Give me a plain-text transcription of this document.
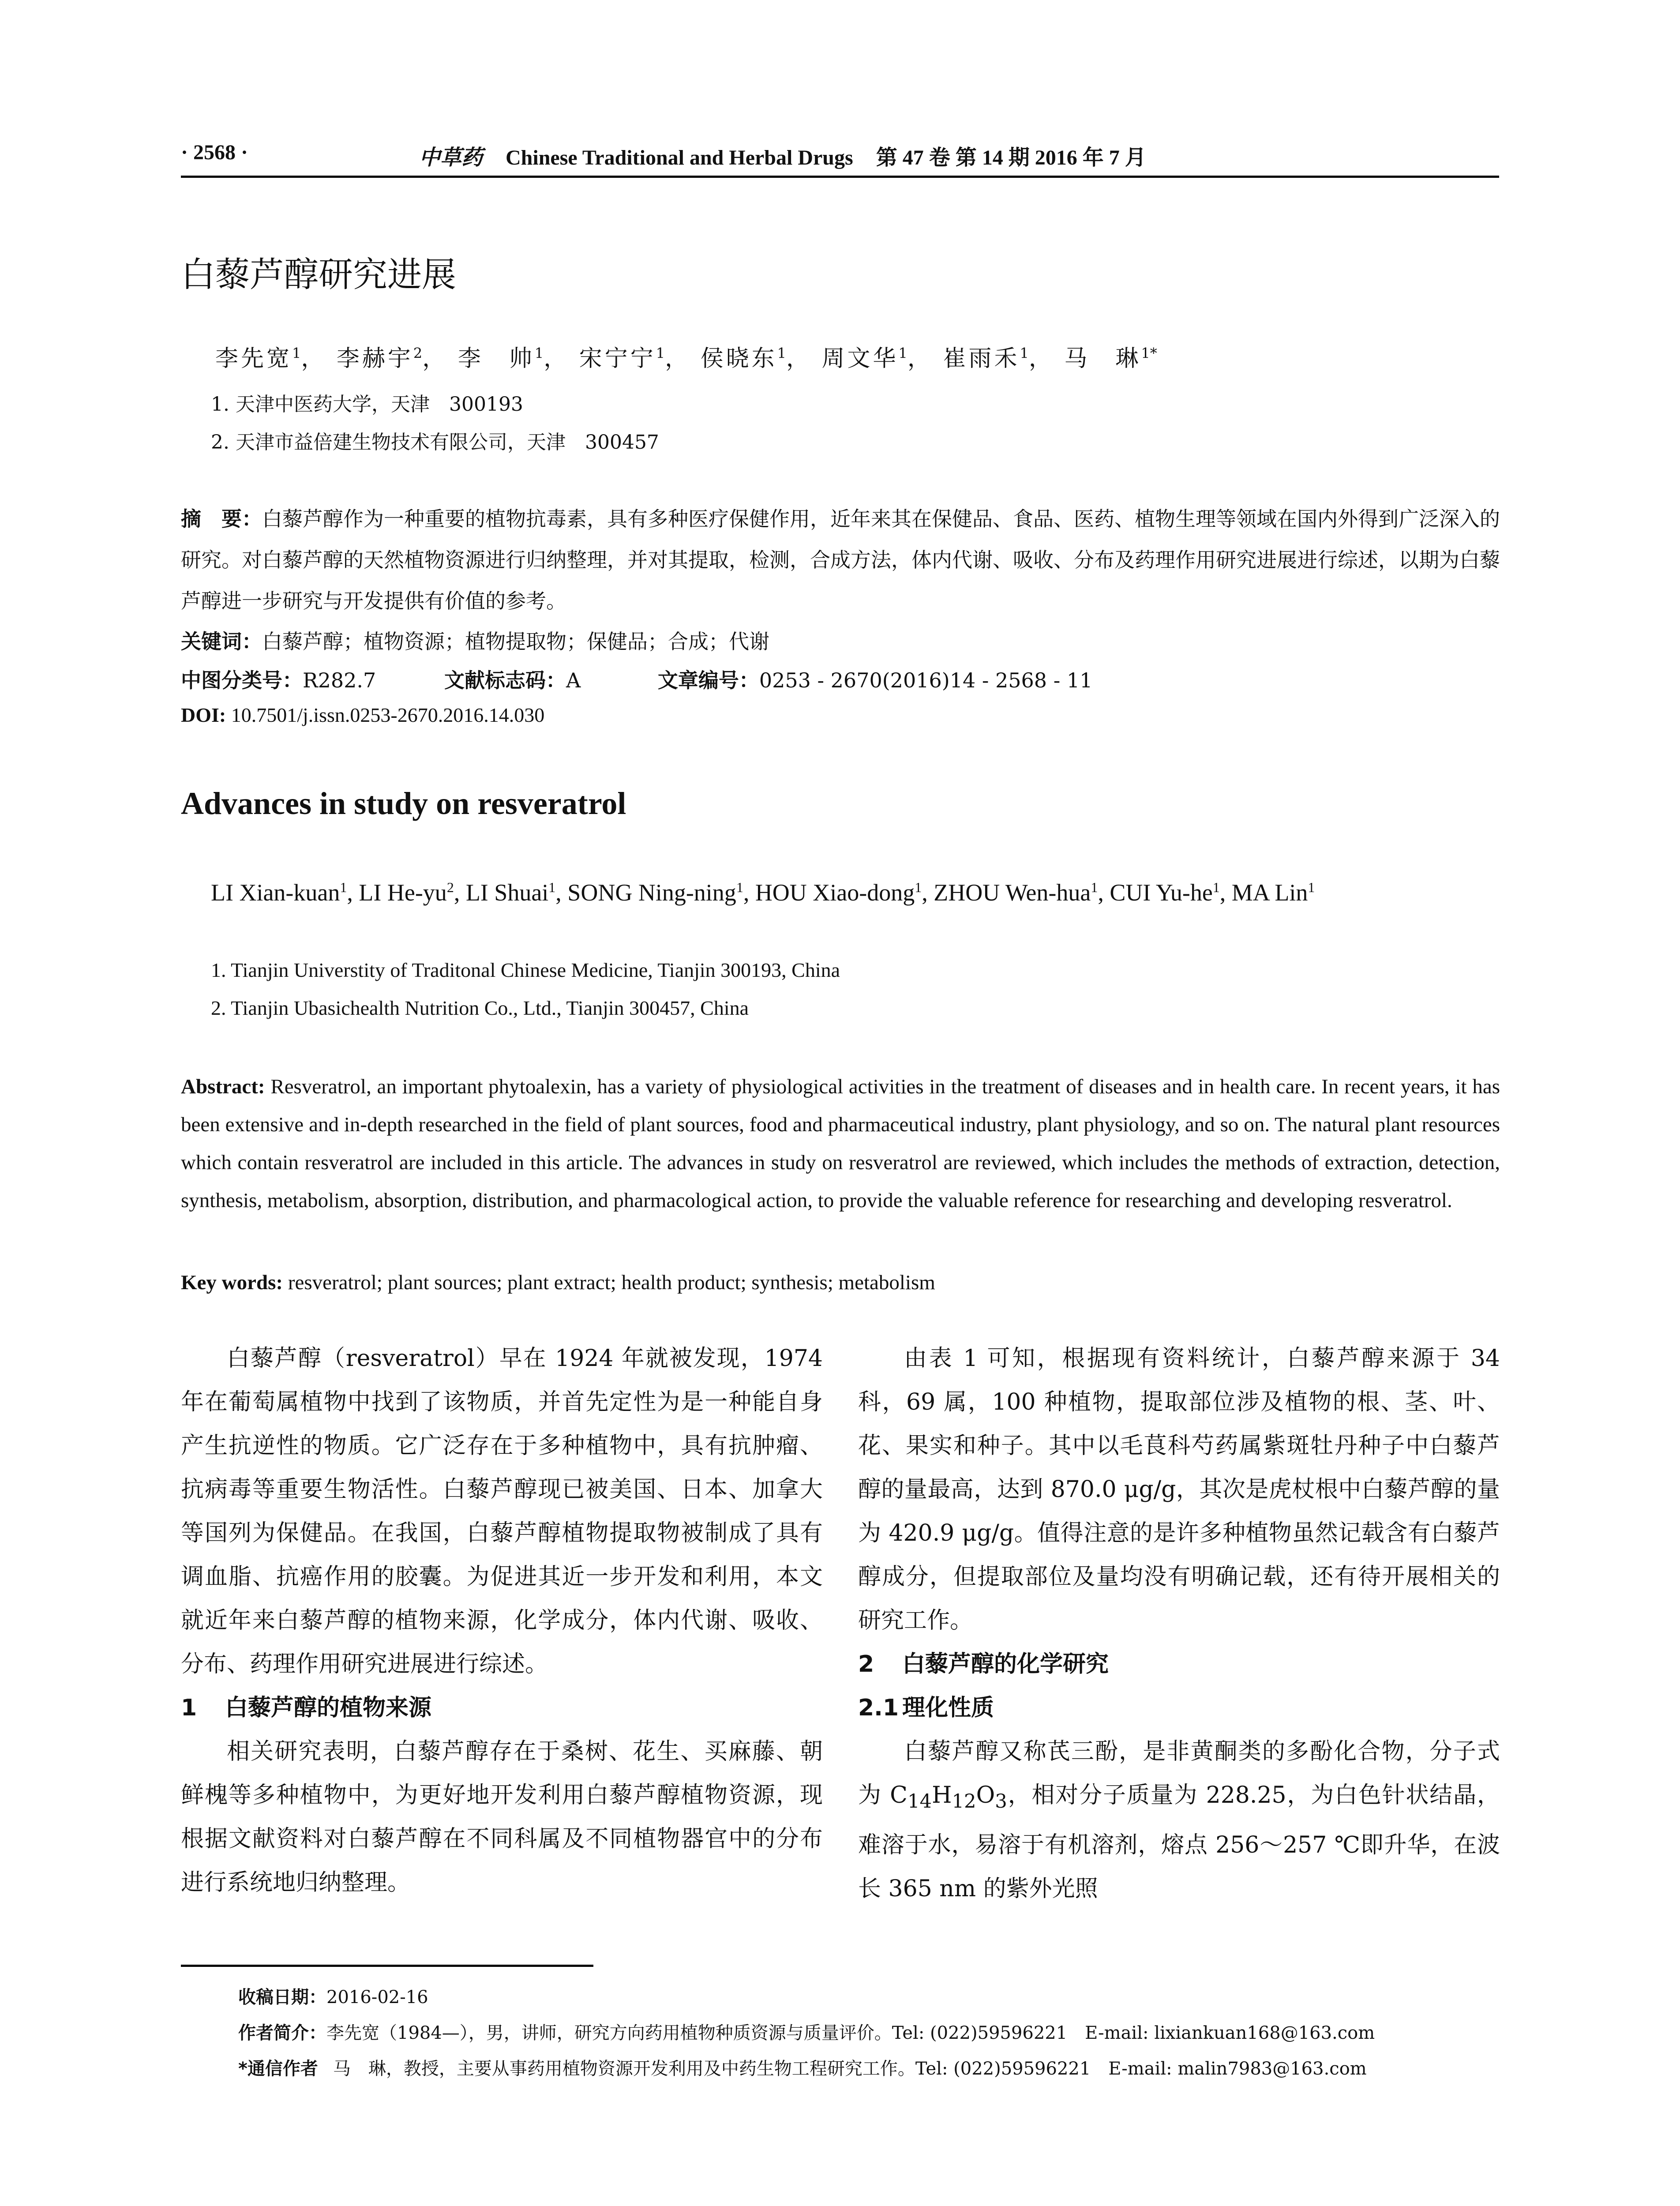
· 2568 ·	中草药 Chinese Traditional and Herbal Drugs 第 47 卷 第 14 期 2016 年 7 月
白藜芦醇研究进展
李先宽$^1$， 李赫宇$^2$， 李　帅$^1$， 宋宁宁$^1$， 侯晓东$^1$， 周文华$^1$， 崔雨禾$^1$， 马　琳$^{1*}$
1. 天津中医药大学，天津　300193
2. 天津市益倍建生物技术有限公司，天津　300457
摘　要：白藜芦醇作为一种重要的植物抗毒素，具有多种医疗保健作用，近年来其在保健品、食品、医药、植物生理等领域在国内外得到广泛深入的研究。对白藜芦醇的天然植物资源进行归纳整理，并对其提取，检测，合成方法，体内代谢、吸收、分布及药理作用研究进展进行综述，以期为白藜芦醇进一步研究与开发提供有价值的参考。
关键词：白藜芦醇；植物资源；植物提取物；保健品；合成；代谢
中图分类号：R282.7	文献标志码：A	文章编号：0253 - 2670(2016)14 - 2568 - 11
DOI: 10.7501/j.issn.0253-2670.2016.14.030
Advances in study on resveratrol
LI Xian-kuan$^1$, LI $He-yu^2$, LI Shuai$^1$, SONG Ning-ning$^1$, HOU Xiao-dong$^1$, ZHOU Wen-hua$^1$, CUI $Yu-he^1$, MA Lin$^1$
1. Tianjin Universtity of Traditonal Chinese Medicine, Tianjin 300193, China
2. Tianjin Ubasichealth Nutrition Co., Ltd., Tianjin 300457, China
Abstract: Resveratrol, an important phytoalexin, has a variety of physiological activities in the treatment of diseases and in health care. In recent years, it has been extensive and in-depth researched in the field of plant sources, food and pharmaceutical industry, plant physiology, and so on. The natural plant resources which contain resveratrol are included in this article. The advances in study on resveratrol are reviewed, which includes the methods of extraction, detection, synthesis, metabolism, absorption, distribution, and pharmacological action, to provide the valuable reference for researching and developing resveratrol.
Key words: resveratrol; plant sources; plant extract; health product; synthesis; metabolism

白藜芦醇（resveratrol）早在 1924 年就被发现，1974 年在葡萄属植物中找到了该物质，并首先定性为是一种能自身产生抗逆性的物质。它广泛存在于多种植物中，具有抗肿瘤、抗病毒等重要生物活性。白藜芦醇现已被美国、日本、加拿大等国列为保健品。在我国，白藜芦醇植物提取物被制成了具有调血脂、抗癌作用的胶囊。为促进其近一步开发和利用，本文就近年来白藜芦醇的植物来源，化学成分，体内代谢、吸收、分布、药理作用研究进展进行综述。

1 白藜芦醇的植物来源

相关研究表明，白藜芦醇存在于桑树、花生、买麻藤、朝鲜槐等多种植物中，为更好地开发利用白藜芦醇植物资源，现根据文献资料对白藜芦醇在不同科属及不同植物器官中的分布进行系统地归纳整理。

由表 1 可知，根据现有资料统计，白藜芦醇来源于 34 科，69 属，100 种植物，提取部位涉及植物的根、茎、叶、花、果实和种子。其中以毛茛科芍药属紫斑牡丹种子中白藜芦醇的量最高，达到 870.0 μg/g，其次是虎杖根中白藜芦醇的量为 420.9 μg/g。值得注意的是许多种植物虽然记载含有白藜芦醇成分，但提取部位及量均没有明确记载，还有待开展相关的研究工作。

2 白藜芦醇的化学研究
2.1 理化性质

白藜芦醇又称芪三酚，是非黄酮类的多酚化合物，分子式为 $C_{14}H_{12}O_3$，相对分子质量为 228.25，为白色针状结晶，难溶于水，易溶于有机溶剂，熔点 256～257 ℃即升华，在波长 365 nm 的紫外光照

收稿日期：2016-02-16
作者简介：李先宽（1984—），男，讲师，研究方向药用植物种质资源与质量评价。Tel: (022)59596221　E-mail: lixiankuan168@163.com
*通信作者 马　琳，教授，主要从事药用植物资源开发利用及中药生物工程研究工作。Tel: (022)59596221　E-mail: malin7983@163.com
